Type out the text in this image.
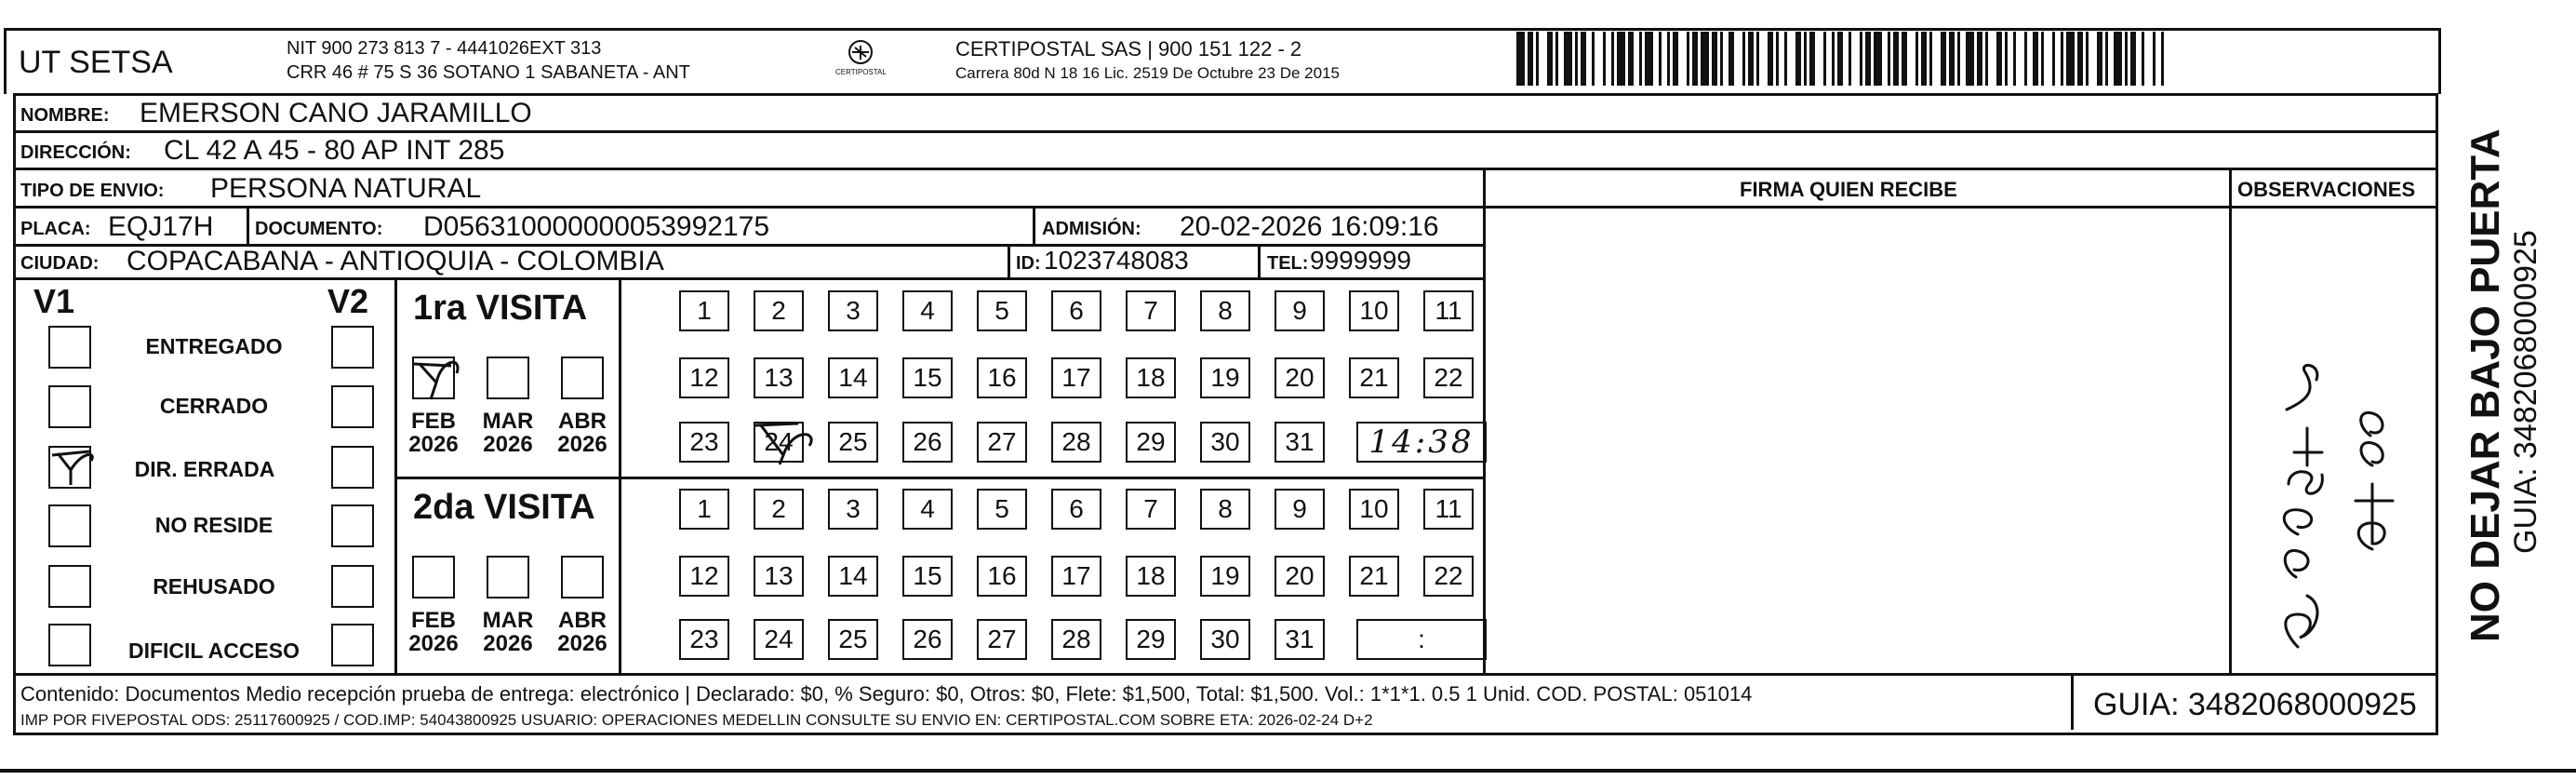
UT SETSA	NIT 900 273 813 7 - 4441026EXT 313
CRR 46 # 75 S 36 SOTANO 1 SABANETA - ANT	CERTIPOSTAL
CERTIPOSTAL SAS | 900 151 122 - 2
Carrera 80d N 18 16 Lic. 2519 De Octubre 23 De 2015
NOMBRE: EMERSON CANO JARAMILLO
DIRECCIÓN: CL 42 A 45 - 80 AP INT 285
TIPO DE ENVIO: PERSONA NATURAL	FIRMA QUIEN RECIBE	OBSERVACIONES
PLACA: EQJ17H DOCUMENTO: D056310000000053992175	ADMISIÓN: 20-02-2026 16:09:16
CIUDAD: COPACABANA - ANTIOQUIA - COLOMBIA	ID: 1023748083	TEL: 9999999
V1	V2
ENTREGADO
CERRADO
DIR. ERRADA
NO RESIDE
REHUSADO
DIFICIL ACCESO
1ra VISITA
FEB
2026
MAR
2026
ABR
2026
1	2	3	4	5	6	7	8	9	10	11
12	13	14	15	16	17	18	19	20	21	22
23	24	25	26	27	28	29	30	31	14:38
2da VISITA
FEB
2026
MAR
2026
ABR
2026
1	2	3	4	5	6	7	8	9	10	11
12	13	14	15	16	17	18	19	20	21	22
23	24	25	26	27	28	29	30	31	:	NO DEJAR BAJO PUERTA GUIA: 3482068000925
Contenido: Documentos Medio recepción prueba de entrega: electrónico | Declarado: $0, % Seguro: $0, Otros: $0, Flete: $1,500, Total: $1,500. Vol.: 1*1*1. 0.5 1 Unid. COD. POSTAL: 051014
IMP POR FIVEPOSTAL ODS: 25117600925 / COD.IMP: 54043800925 USUARIO: OPERACIONES MEDELLIN CONSULTE SU ENVIO EN: CERTIPOSTAL.COM SOBRE ETA: 2026-02-24 D+2	GUIA: 3482068000925
